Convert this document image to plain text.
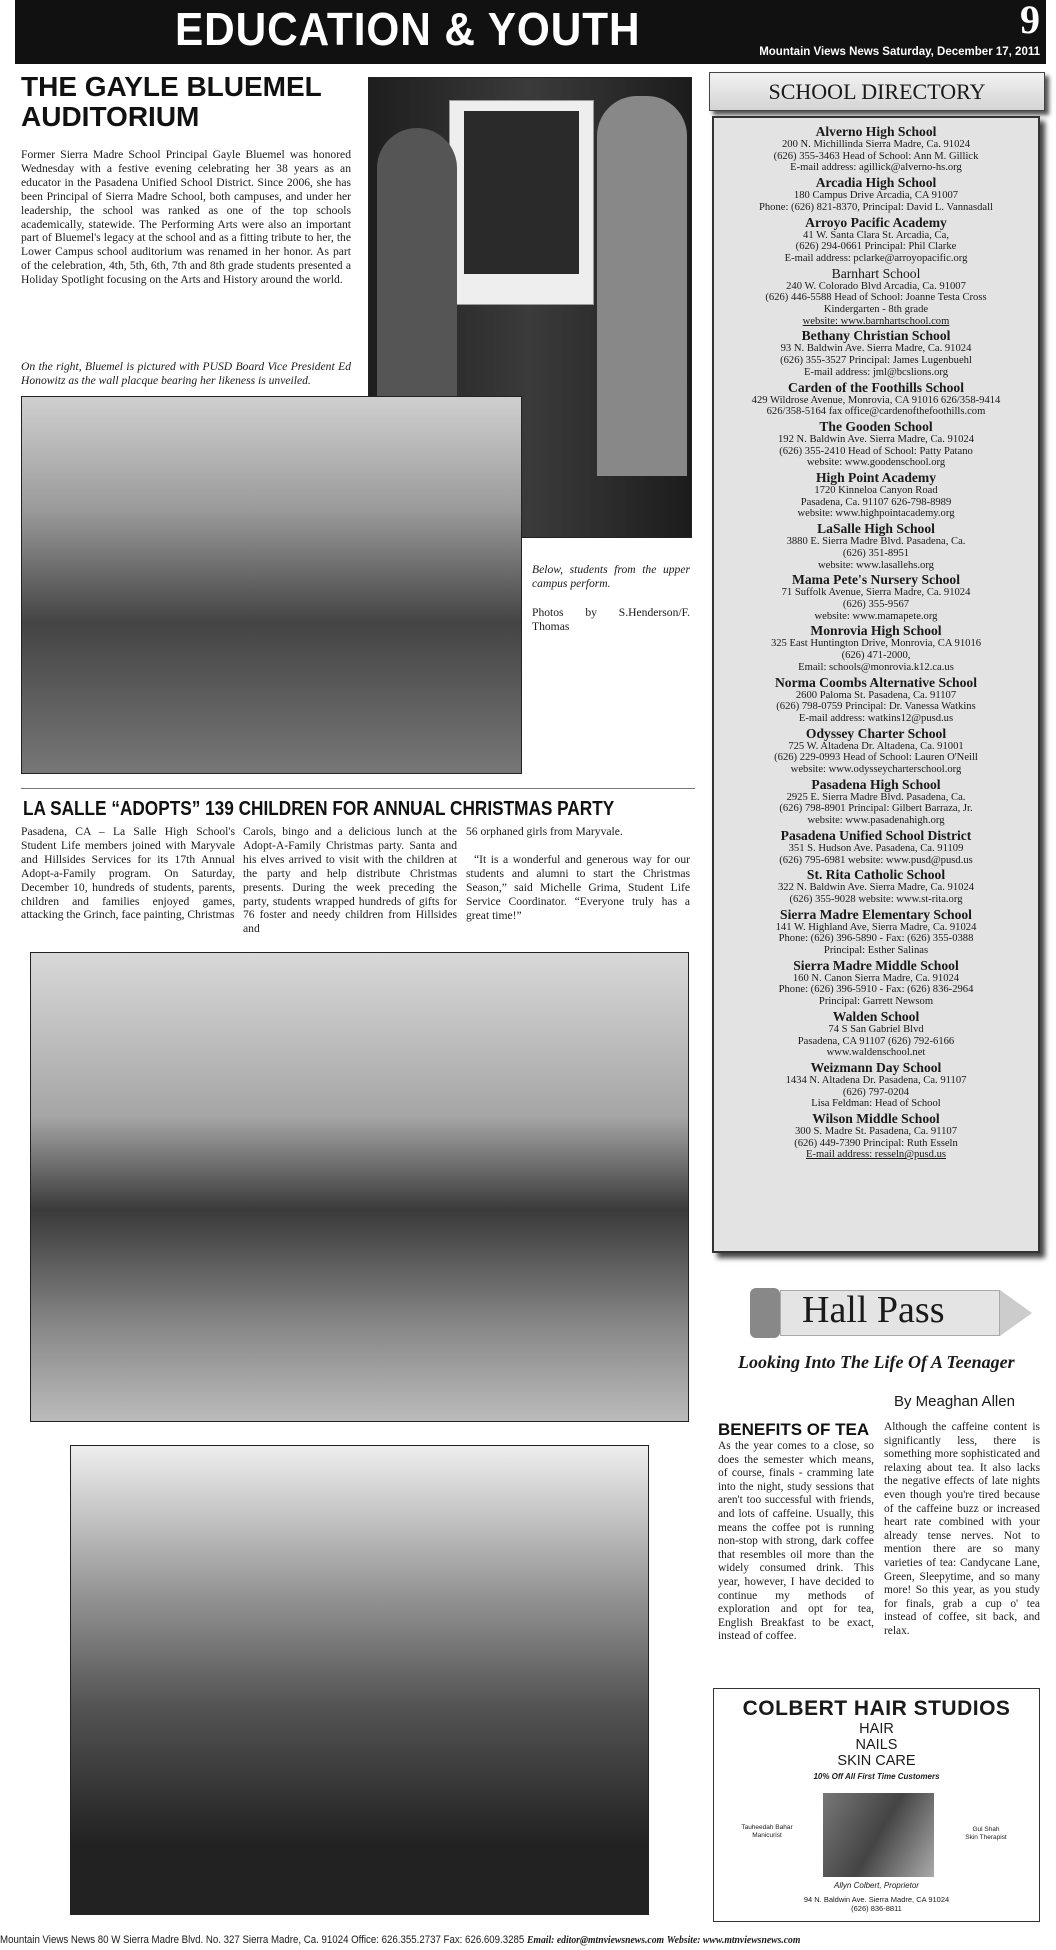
EDUCATION & YOUTH	9
Mountain Views News Saturday, December 17, 2011
THE GAYLE BLUEMEL AUDITORIUM
Former Sierra Madre School Principal Gayle Bluemel was honored Wednesday with a festive evening celebrating her 38 years as an educator in the Pasadena Unified School District. Since 2006, she has been Principal of Sierra Madre School, both campuses, and under her leadership, the school was ranked as one of the top schools academically, statewide. The Performing Arts were also an important part of Bluemel's legacy at the school and as a fitting tribute to her, the Lower Campus school auditorium was renamed in her honor. As part of the celebration, 4th, 5th, 6th, 7th and 8th grade students presented a Holiday Spotlight focusing on the Arts and History around the world.
On the right, Bluemel is pictured with PUSD Board Vice President Ed Honowitz as the wall placque bearing her likeness is unveiled.
Below, students from the upper campus perform.
Photos by S.Henderson/F. Thomas
LA SALLE “ADOPTS” 139 CHILDREN FOR ANNUAL CHRISTMAS PARTY
Pasadena, CA – La Salle High School's Student Life members joined with Maryvale and Hillsides Services for its 17th Annual Adopt-a-Family program. On Saturday, December 10, hundreds of students, parents, children and families enjoyed games, attacking the Grinch, face painting, Christmas
Carols, bingo and a delicious lunch at the Adopt-A-Family Christmas party. Santa and his elves arrived to visit with the children at the party and help distribute Christmas presents. During the week preceding the party, students wrapped hundreds of gifts for 76 foster and needy children from Hillsides and
56 orphaned girls from Maryvale.
“It is a wonderful and generous way for our students and alumni to start the Christmas Season,” said Michelle Grima, Student Life Service Coordinator. “Everyone truly has a great time!”
SCHOOL DIRECTORY
Alverno High School
200 N. Michillinda Sierra Madre, Ca. 91024
(626) 355-3463 Head of School: Ann M. Gillick
E-mail address: agillick@alverno-hs.org
Arcadia High School
180 Campus Drive Arcadia, CA 91007
Phone: (626) 821-8370, Principal: David L. Vannasdall
Arroyo Pacific Academy
41 W. Santa Clara St. Arcadia, Ca,
(626) 294-0661 Principal: Phil Clarke
E-mail address: pclarke@arroyopacific.org
Barnhart School
240 W. Colorado Blvd Arcadia, Ca. 91007
(626) 446-5588 Head of School: Joanne Testa Cross
Kindergarten - 8th grade
website: www.barnhartschool.com
Bethany Christian School
93 N. Baldwin Ave. Sierra Madre, Ca. 91024
(626) 355-3527 Principal: James Lugenbuehl
E-mail address: jml@bcslions.org
Carden of the Foothills School
429 Wildrose Avenue, Monrovia, CA 91016 626/358-9414
626/358-5164 fax office@cardenofthefoothills.com
The Gooden School
192 N. Baldwin Ave. Sierra Madre, Ca. 91024
(626) 355-2410 Head of School: Patty Patano
website: www.goodenschool.org
High Point Academy
1720 Kinneloa Canyon Road
Pasadena, Ca. 91107 626-798-8989
website: www.highpointacademy.org
LaSalle High School
3880 E. Sierra Madre Blvd. Pasadena, Ca.
(626) 351-8951
website: www.lasallehs.org
Mama Pete's Nursery School
71 Suffolk Avenue, Sierra Madre, Ca. 91024
(626) 355-9567
website: www.mamapete.org
Monrovia High School
325 East Huntington Drive, Monrovia, CA 91016
(626) 471-2000,
Email: schools@monrovia.k12.ca.us
Norma Coombs Alternative School
2600 Paloma St. Pasadena, Ca. 91107
(626) 798-0759 Principal: Dr. Vanessa Watkins
E-mail address: watkins12@pusd.us
Odyssey Charter School
725 W. Altadena Dr. Altadena, Ca. 91001
(626) 229-0993 Head of School: Lauren O'Neill
website: www.odysseycharterschool.org
Pasadena High School
2925 E. Sierra Madre Blvd. Pasadena, Ca.
(626) 798-8901 Principal: Gilbert Barraza, Jr.
website: www.pasadenahigh.org
Pasadena Unified School District
351 S. Hudson Ave. Pasadena, Ca. 91109
(626) 795-6981 website: www.pusd@pusd.us
St. Rita Catholic School
322 N. Baldwin Ave. Sierra Madre, Ca. 91024
(626) 355-9028 website: www.st-rita.org
Sierra Madre Elementary School
141 W. Highland Ave, Sierra Madre, Ca. 91024
Phone: (626) 396-5890 - Fax: (626) 355-0388
Principal: Esther Salinas
Sierra Madre Middle School
160 N. Canon Sierra Madre, Ca. 91024
Phone: (626) 396-5910 - Fax: (626) 836-2964
Principal: Garrett Newsom
Walden School
74 S San Gabriel Blvd
Pasadena, CA 91107 (626) 792-6166
www.waldenschool.net
Weizmann Day School
1434 N. Altadena Dr. Pasadena, Ca. 91107
(626) 797-0204
Lisa Feldman: Head of School
Wilson Middle School
300 S. Madre St. Pasadena, Ca. 91107
(626) 449-7390 Principal: Ruth Esseln
E-mail address: resseln@pusd.us
Hall Pass
Looking Into The Life Of A Teenager
By Meaghan Allen
BENEFITS OF TEA
As the year comes to a close, so does the semester which means, of course, finals - cramming late into the night, study sessions that aren't too successful with friends, and lots of caffeine. Usually, this means the coffee pot is running non-stop with strong, dark coffee that resembles oil more than the widely consumed drink. This year, however, I have decided to continue my methods of exploration and opt for tea, English Breakfast to be exact, instead of coffee.
Although the caffeine content is significantly less, there is something more sophisticated and relaxing about tea. It also lacks the negative effects of late nights even though you're tired because of the caffeine buzz or increased heart rate combined with your already tense nerves. Not to mention there are so many varieties of tea: Candycane Lane, Green, Sleepytime, and so many more! So this year, as you study for finals, grab a cup o' tea instead of coffee, sit back, and relax.
COLBERT HAIR STUDIOS
HAIR
NAILS
SKIN CARE
10% Off All First Time Customers
Tauheedah Bahar
Manicurist
Gul Shah
Skin Therapist
Allyn Colbert, Proprietor
94 N. Baldwin Ave. Sierra Madre, CA 91024
(626) 836-8811
Mountain Views News 80 W Sierra Madre Blvd. No. 327 Sierra Madre, Ca. 91024 Office: 626.355.2737 Fax: 626.609.3285 Email: editor@mtnviewsnews.com Website: www.mtnviewsnews.com
